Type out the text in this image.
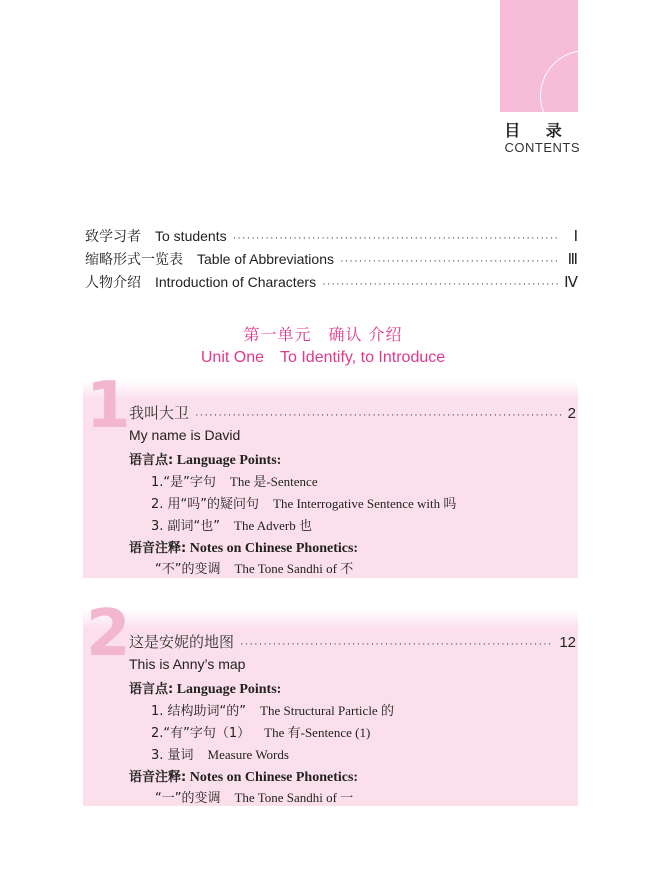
目 录
CONTENTS
致学习者 To students ·····	Ⅰ
缩略形式一览表 Table of Abbreviations ·····	Ⅲ
人物介绍 Introduction of Characters ·····	Ⅳ
第一单元　确认 介绍
Unit One　To Identify, to Introduce
1
我叫大卫 ·····	2
My name is David
语言点: Language Points:
1.“是”字句 The 是-Sentence
2. 用“吗”的疑问句 The Interrogative Sentence with 吗
3. 副词“也” The Adverb 也
语音注释: Notes on Chinese Phonetics:
“不”的变调 The Tone Sandhi of 不
2
这是安妮的地图 ·····	12
This is Anny’s map
语言点: Language Points:
1. 结构助词“的” The Structural Particle 的
2.“有”字句（1） The 有-Sentence (1)
3. 量词 Measure Words
语音注释: Notes on Chinese Phonetics:
“一”的变调 The Tone Sandhi of 一
